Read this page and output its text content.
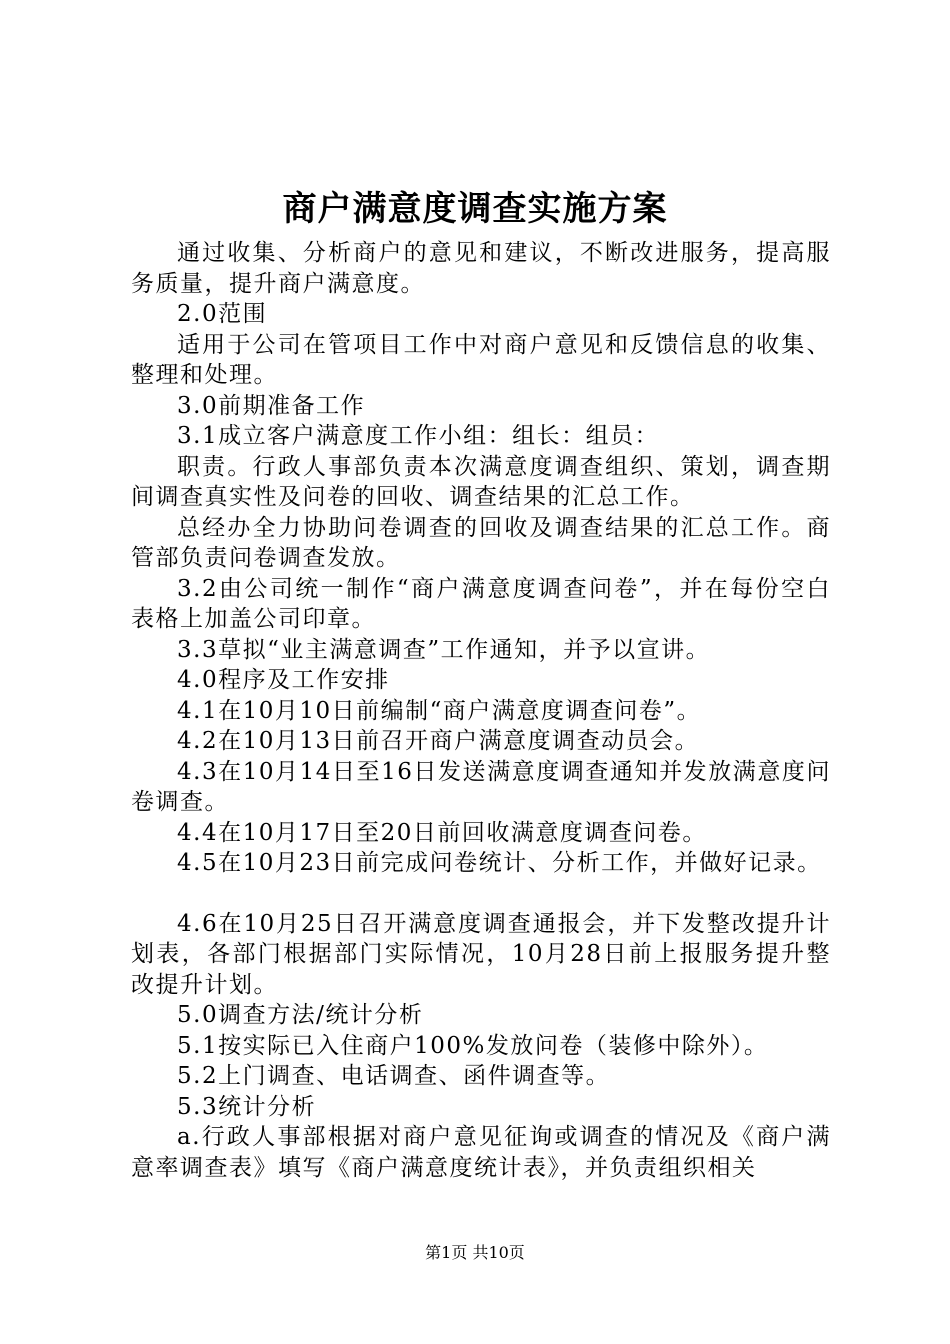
商户满意度调查实施方案

通过收集、分析商户的意见和建议，不断改进服务，提高服务质量，提升商户满意度。

2.0范围

适用于公司在管项目工作中对商户意见和反馈信息的收集、整理和处理。

3.0前期准备工作

3.1成立客户满意度工作小组：组长：组员：

职责。行政人事部负责本次满意度调查组织、策划，调查期间调查真实性及问卷的回收、调查结果的汇总工作。

总经办全力协助问卷调查的回收及调查结果的汇总工作。商管部负责问卷调查发放。

3.2由公司统一制作“商户满意度调查问卷”，并在每份空白表格上加盖公司印章。

3.3草拟“业主满意调查”工作通知，并予以宣讲。

4.0程序及工作安排

4.1在10月10日前编制“商户满意度调查问卷”。

4.2在10月13日前召开商户满意度调查动员会。

4.3在10月14日至16日发送满意度调查通知并发放满意度问卷调查。

4.4在10月17日至20日前回收满意度调查问卷。

4.5在10月23日前完成问卷统计、分析工作，并做好记录。

4.6在10月25日召开满意度调查通报会，并下发整改提升计划表，各部门根据部门实际情况，10月28日前上报服务提升整改提升计划。

5.0调查方法/统计分析

5.1按实际已入住商户100%发放问卷（装修中除外）。

5.2上门调查、电话调查、函件调查等。

5.3统计分析

a.行政人事部根据对商户意见征询或调查的情况及《商户满意率调查表》填写《商户满意度统计表》，并负责组织相关

第1页 共10页
